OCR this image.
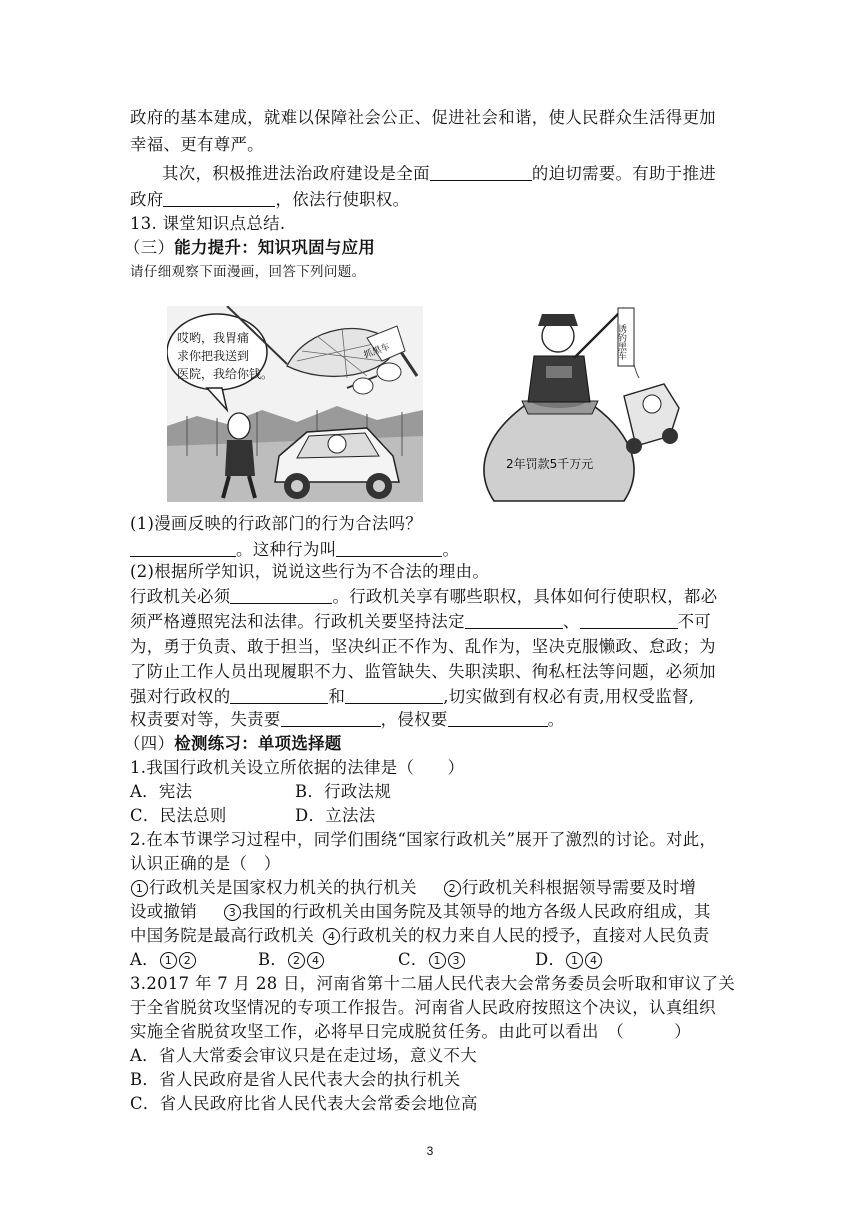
政府的基本建成，就难以保障社会公正、促进社会和谐，使人民群众生活得更加
幸福、更有尊严。
其次，积极推进法治政府建设是全面	的迫切需要。有助于推进
政府	，依法行使职权。
13. 课堂知识点总结.
（三）能力提升：知识巩固与应用
请仔细观察下面漫画，回答下列问题。
哎哟，我胃痛
求你把我送到
医院，我给你钱。
抓黑车
2年罚款5千万元
诱钓黑车
(1)漫画反映的行政部门的行为合法吗？
。这种行为叫	。
(2)根据所学知识，说说这些行为不合法的理由。
行政机关必须	。行政机关享有哪些职权，具体如何行使职权，都必
须严格遵照宪法和法律。行政机关要坚持法定	、	不可
为，勇于负责、敢于担当，坚决纠正不作为、乱作为，坚决克服懒政、怠政；为
了防止工作人员出现履职不力、监管缺失、失职渎职、徇私枉法等问题，必须加
强对行政权的	和	,切实做到有权必有责,用权受监督,
权责要对等，失责要	，侵权要	。
（四）检测练习：单项选择题
1.我国行政机关设立所依据的法律是（　　）
A．宪法	B．行政法规
C．民法总则	D．立法法
2.在本节课学习过程中，同学们围绕“国家行政机关”展开了激烈的讨论。对此，
认识正确的是（　）
1 行政机关是国家权力机关的执行机关	2 行政机关科根据领导需要及时增
设或撤销	3 我国的行政机关由国务院及其领导的地方各级人民政府组成，其
中国务院是最高行政机关 4 行政机关的权力来自人民的授予，直接对人民负责
A． 1 2	B． 2 4	C． 1 3	D． 1 4
3.2017 年 7 月 28 日，河南省第十二届人民代表大会常务委员会听取和审议了关
于全省脱贫攻坚情况的专项工作报告。河南省人民政府按照这个决议，认真组织
实施全省脱贫攻坚工作，必将早日完成脱贫任务。由此可以看出　（　　　）
A．省人大常委会审议只是在走过场，意义不大
B．省人民政府是省人民代表大会的执行机关
C．省人民政府比省人民代表大会常委会地位高
3
